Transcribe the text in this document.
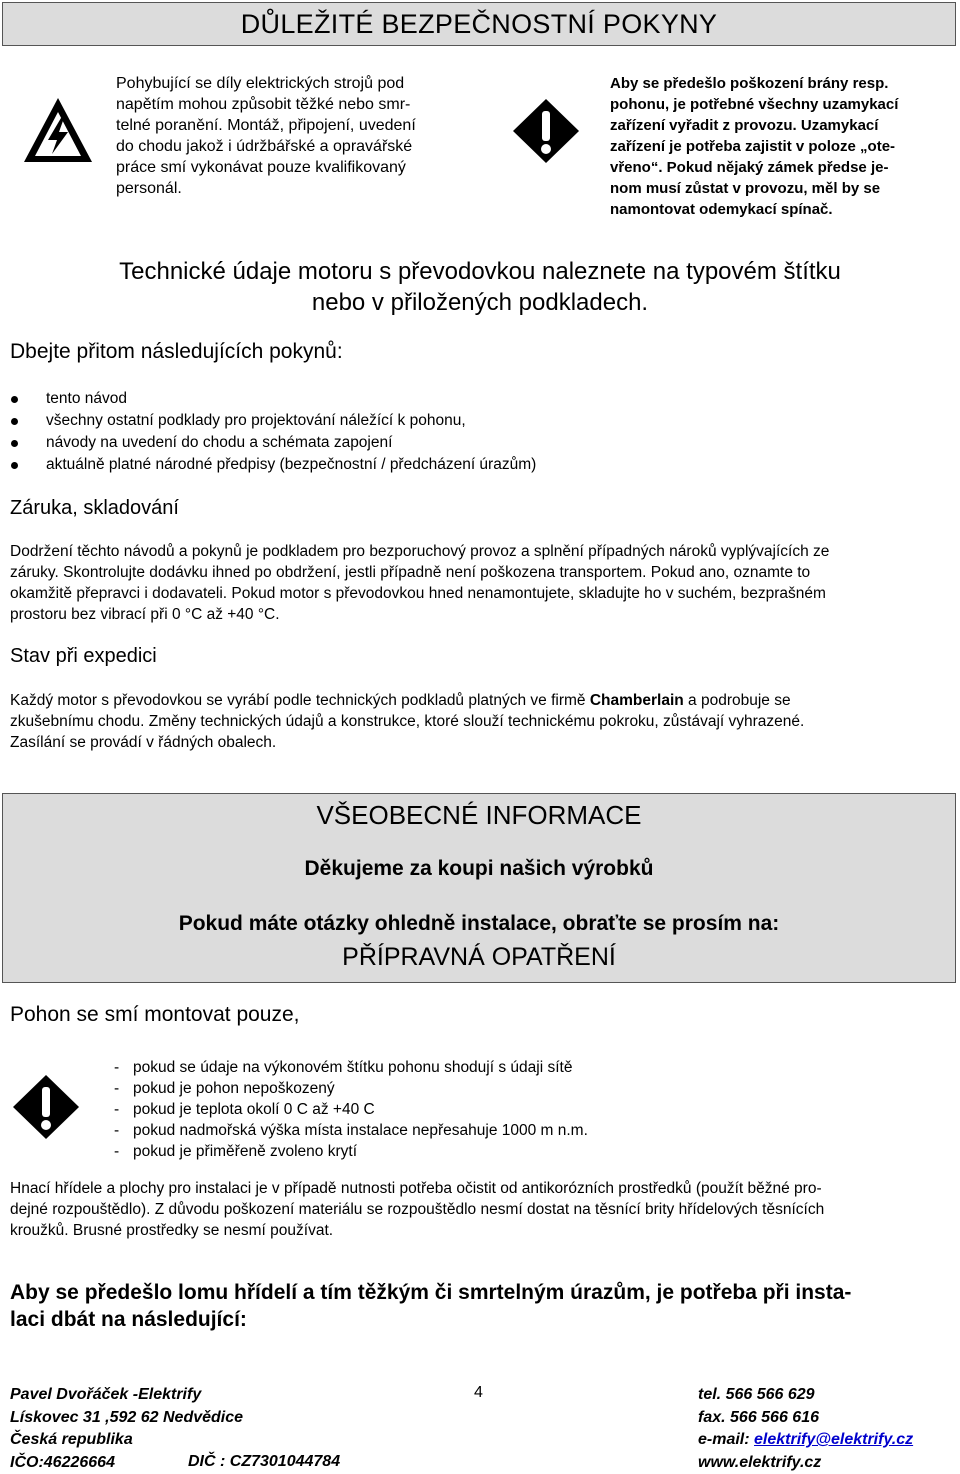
DŮLEŽITÉ BEZPEČNOSTNÍ POKYNY
Pohybující se díly elektrických strojů pod
napětím mohou způsobit těžké nebo smr-
telné poranění. Montáž, připojení, uvedení
do chodu jakož i údržbářské a opravářské
práce smí vykonávat pouze kvalifikovaný
personál.
Aby se předešlo poškození brány resp.
pohonu, je potřebné všechny uzamykací
zařízení vyřadit z provozu. Uzamykací
zařízení je potřeba zajistit v poloze „ote-
vřeno“. Pokud nějaký zámek předse je-
nom musí zůstat v provozu, měl by se
namontovat odemykací spínač.
Technické údaje motoru s převodovkou naleznete na typovém štítku
nebo v přiložených podkladech.
Dbejte přitom následujících pokynů:
tento návod
všechny ostatní podklady pro projektování náležící k pohonu,
návody na uvedení do chodu a schémata zapojení
aktuálně platné národné předpisy (bezpečnostní / předcházení úrazům)
Záruka, skladování
Dodržení těchto návodů a pokynů je podkladem pro bezporuchový provoz a splnění případných nároků vyplývajících ze
záruky. Skontrolujte dodávku ihned po obdržení, jestli případně není poškozena transportem. Pokud ano, oznamte to
okamžitě přepravci i dodavateli. Pokud motor s převodovkou hned nenamontujete, skladujte ho v suchém, bezprašném
prostoru bez vibrací při 0 °C až +40 °C.
Stav při expedici
Každý motor s převodovkou se vyrábí podle technických podkladů platných ve firmě Chamberlain a podrobuje se
zkušebnímu chodu. Změny technických údajů a konstrukce, ktoré slouží technickému pokroku, zůstávají vyhrazené.
Zasílání se provádí v řádných obalech.
VŠEOBECNÉ INFORMACE
Děkujeme za koupi našich výrobků
Pokud máte otázky ohledně instalace, obraťte se prosím na:
PŘÍPRAVNÁ OPATŘENÍ
Pohon se smí montovat pouze,
- pokud se údaje na výkonovém štítku pohonu shodují s údaji sítě
- pokud je pohon nepoškozený
- pokud je teplota okolí 0 C až +40 C
- pokud nadmořská výška místa instalace nepřesahuje 1000 m n.m.
- pokud je přiměřeně zvoleno krytí
Hnací hřídele a plochy pro instalaci je v případě nutnosti potřeba očistit od antikorózních prostředků (použít běžné pro-
dejné rozpouštědlo). Z důvodu poškození materiálu se rozpouštědlo nesmí dostat na těsnící brity hřídelových těsnících
kroužků. Brusné prostředky se nesmí používat.
Aby se předešlo lomu hřídelí a tím těžkým či smrtelným úrazům, je potřeba při insta-
laci dbát na následující:
4
Pavel Dvořáček -Elektrify
Lískovec 31 ,592 62 Nedvědice
Česká republika
IČO:46226664	DIČ : CZ7301044784
tel. 566 566 629
fax. 566 566 616
e-mail: elektrify@elektrify.cz
www.elektrify.cz
